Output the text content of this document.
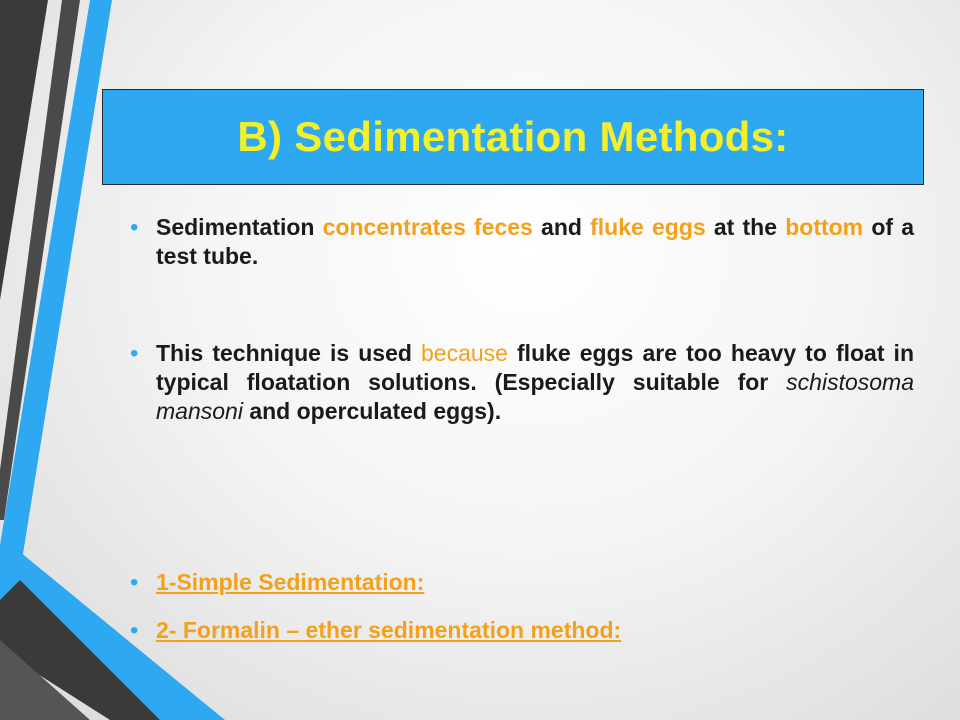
B) Sedimentation Methods:
• Sedimentation concentrates feces and fluke eggs at the bottom of a test tube.
• This technique is used because fluke eggs are too heavy to float in typical floatation solutions. (Especially suitable for schistosoma mansoni and operculated eggs).
• 1-Simple Sedimentation:
• 2- Formalin – ether sedimentation method:
